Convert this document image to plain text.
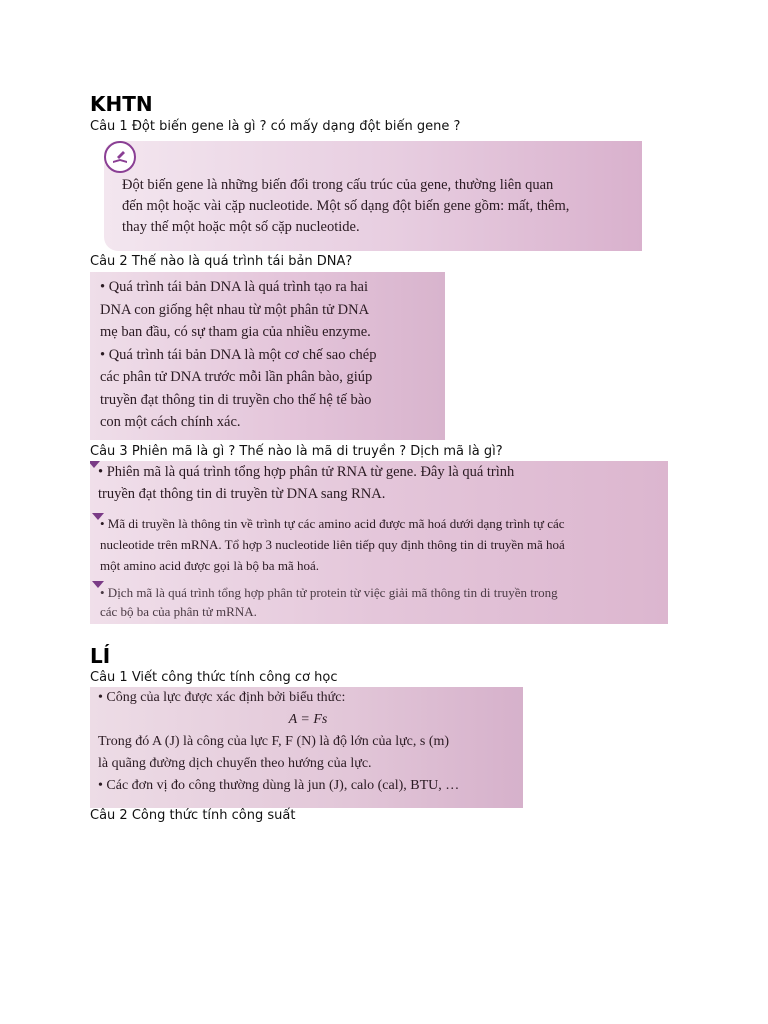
KHTN
Câu 1 Đột biến gene là gì ? có mấy dạng đột biến gene ?

Đột biến gene là những biến đổi trong cấu trúc của gene, thường liên quan

đến một hoặc vài cặp nucleotide. Một số dạng đột biến gene gồm: mất, thêm,

thay thế một hoặc một số cặp nucleotide.

Câu 2 Thế nào là quá trình tái bản DNA?

• Quá trình tái bản DNA là quá trình tạo ra hai

DNA con giống hệt nhau từ một phân tử DNA

mẹ ban đầu, có sự tham gia của nhiều enzyme.

• Quá trình tái bản DNA là một cơ chế sao chép

các phân tử DNA trước mỗi lần phân bào, giúp

truyền đạt thông tin di truyền cho thế hệ tế bào

con một cách chính xác.

Câu 3 Phiên mã là gì ? Thế nào là mã di truyền ? Dịch mã là gì?

• Phiên mã là quá trình tổng hợp phân tử RNA từ gene. Đây là quá trình

truyền đạt thông tin di truyền từ DNA sang RNA.

• Mã di truyền là thông tin về trình tự các amino acid được mã hoá dưới dạng trình tự các

nucleotide trên mRNA. Tổ hợp 3 nucleotide liên tiếp quy định thông tin di truyền mã hoá

một amino acid được gọi là bộ ba mã hoá.

• Dịch mã là quá trình tổng hợp phân tử protein từ việc giải mã thông tin di truyền trong

các bộ ba của phân tử mRNA.

LÍ
Câu 1 Viết công thức tính công cơ học

• Công của lực được xác định bởi biểu thức:

A = Fs

Trong đó A (J) là công của lực F, F (N) là độ lớn của lực, s (m)

là quãng đường dịch chuyển theo hướng của lực.

• Các đơn vị đo công thường dùng là jun (J), calo (cal), BTU, …

Câu 2 Công thức tính công suất
